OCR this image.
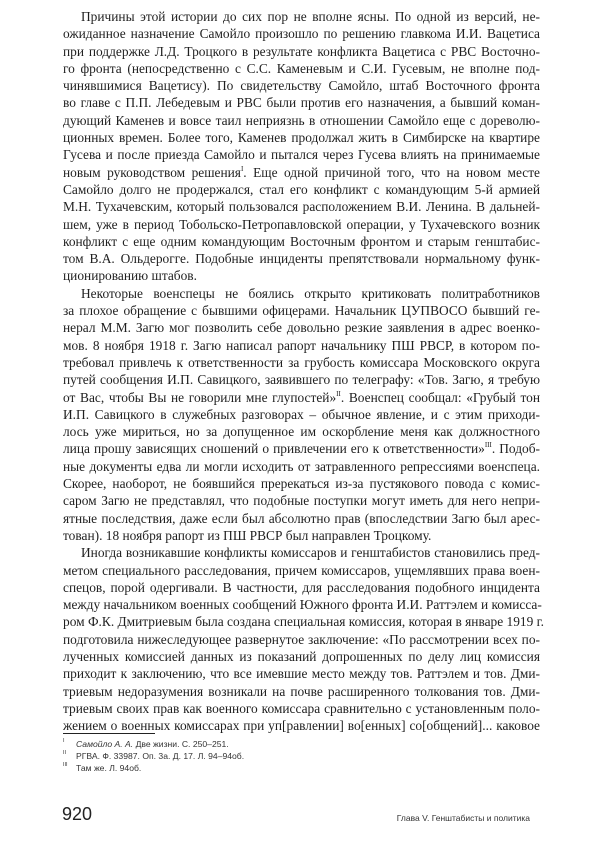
Причины этой истории до сих пор не вполне ясны. По одной из версий, не-
ожиданное назначение Самойло произошло по решению главкома И.И. Вацетиса
при поддержке Л.Д. Троцкого в результате конфликта Вацетиса с РВС Восточно-
го фронта (непосредственно с С.С. Каменевым и С.И. Гусевым, не вполне под-
чинявшимися Вацетису). По свидетельству Самойло, штаб Восточного фронта
во главе с П.П. Лебедевым и РВС были против его назначения, а бывший коман-
дующий Каменев и вовсе таил неприязнь в отношении Самойло еще с дореволю-
ционных времен. Более того, Каменев продолжал жить в Симбирске на квартире
Гусева и после приезда Самойло и пытался через Гусева влиять на принимаемые
новым руководством решения$^I$. Еще одной причиной того, что на новом месте
Самойло долго не продержался, стал его конфликт с командующим 5-й армией
М.Н. Тухачевским, который пользовался расположением В.И. Ленина. В дальней-
шем, уже в период Тобольско-Петропавловской операции, у Тухачевского возник
конфликт с еще одним командующим Восточным фронтом и старым генштабис-
том В.А. Ольдерогге. Подобные инциденты препятствовали нормальному функ-
ционированию штабов.
Некоторые военспецы не боялись открыто критиковать политработников
за плохое обращение с бывшими офицерами. Начальник ЦУПВОСО бывший ге-
нерал М.М. Загю мог позволить себе довольно резкие заявления в адрес военко-
мов. 8 ноября 1918 г. Загю написал рапорт начальнику ПШ РВСР, в котором по-
требовал привлечь к ответственности за грубость комиссара Московского округа
путей сообщения И.П. Савицкого, заявившего по телеграфу: «Тов. Загю, я требую
от Вас, чтобы Вы не говорили мне глупостей»$^{II}$. Военспец сообщал: «Грубый тон
И.П. Савицкого в служебных разговорах – обычное явление, и с этим приходи-
лось уже мириться, но за допущенное им оскорбление меня как должностного
лица прошу зависящих сношений о привлечении его к ответственности»$^{III}$. Подоб-
ные документы едва ли могли исходить от затравленного репрессиями военспеца.
Скорее, наоборот, не боявшийся пререкаться из-за пустякового повода с комис-
саром Загю не представлял, что подобные поступки могут иметь для него непри-
ятные последствия, даже если был абсолютно прав (впоследствии Загю был арес-
тован). 18 ноября рапорт из ПШ РВСР был направлен Троцкому.
Иногда возникавшие конфликты комиссаров и генштабистов становились пред-
метом специального расследования, причем комиссаров, ущемлявших права воен-
спецов, порой одергивали. В частности, для расследования подобного инцидента
между начальником военных сообщений Южного фронта И.И. Раттэлем и комисса-
ром Ф.К. Дмитриевым была создана специальная комиссия, которая в январе 1919 г.
подготовила нижеследующее развернутое заключение: «По рассмотрении всех по-
лученных комиссией данных из показаний допрошенных по делу лиц комиссия
приходит к заключению, что все имевшие место между тов. Раттэлем и тов. Дми-
триевым недоразумения возникали на почве расширенного толкования тов. Дми-
триевым своих прав как военного комиссара сравнительно с установленным поло-
жением о военных комиссарах при уп[равлении] во[енных] со[общений]... каковое
I Самойло А. А. Две жизни. С. 250–251.
II РГВА. Ф. 33987. Оп. 3а. Д. 17. Л. 94–94об.
III Там же. Л. 94об.
920	Глава V. Генштабисты и политика
